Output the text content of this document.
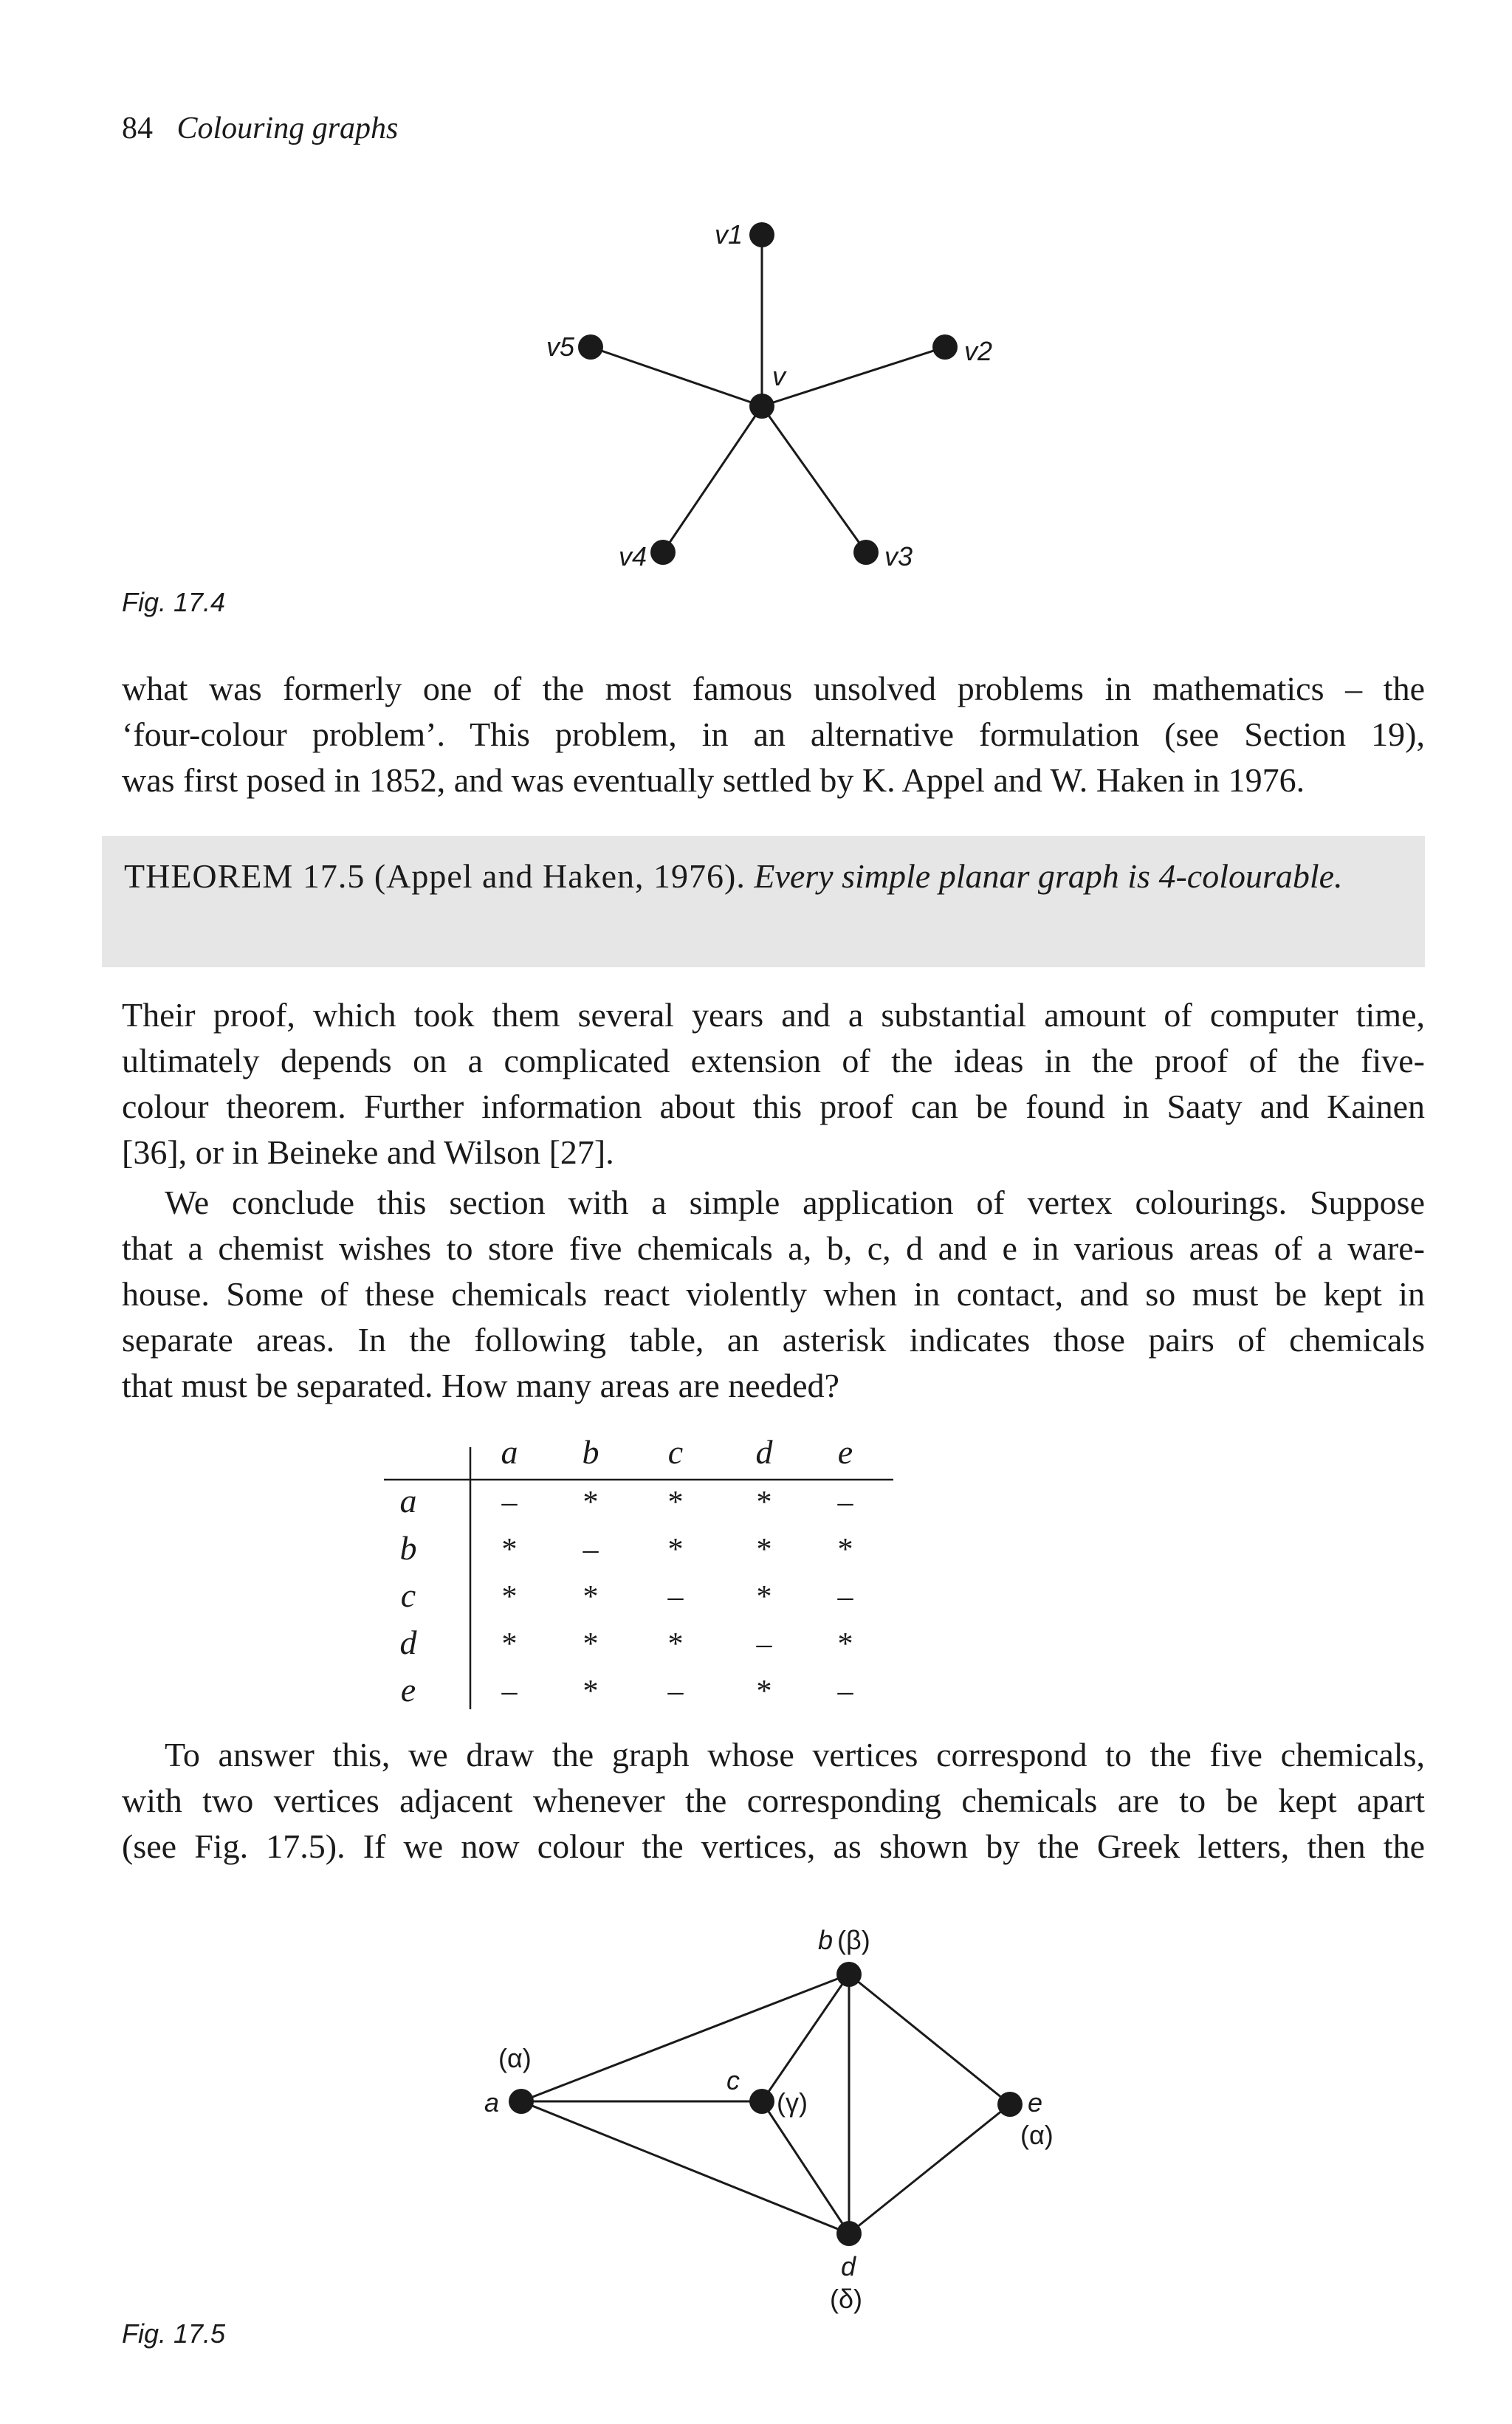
84 Colouring graphs
v
v1
v2
v3
v4
v5
Fig. 17.4
what was formerly one of the most famous unsolved problems in mathematics – the
‘four-colour problem’. This problem, in an alternative formulation (see Section 19),
was first posed in 1852, and was eventually settled by K. Appel and W. Haken in 1976.
THEOREM 17.5 (Appel and Haken, 1976). Every simple planar graph is 4-colourable.
Their proof, which took them several years and a substantial amount of computer time,
ultimately depends on a complicated extension of the ideas in the proof of the five-
colour theorem. Further information about this proof can be found in Saaty and Kainen
[36], or in Beineke and Wilson [27].
We conclude this section with a simple application of vertex colourings. Suppose
that a chemist wishes to store five chemicals a, b, c, d and e in various areas of a ware-
house. Some of these chemicals react violently when in contact, and so must be kept in
separate areas. In the following table, an asterisk indicates those pairs of chemicals
that must be separated. How many areas are needed?
a b c d e
a
b
c
d
e
– * * * –
* – * * *
* * – * –
* * * – *
– * – * –
To answer this, we draw the graph whose vertices correspond to the five chemicals,
with two vertices adjacent whenever the corresponding chemicals are to be kept apart
(see Fig. 17.5). If we now colour the vertices, as shown by the Greek letters, then the
b (β)
(α)
a
c
(γ)	e
(α)
d
(δ)
Fig. 17.5
